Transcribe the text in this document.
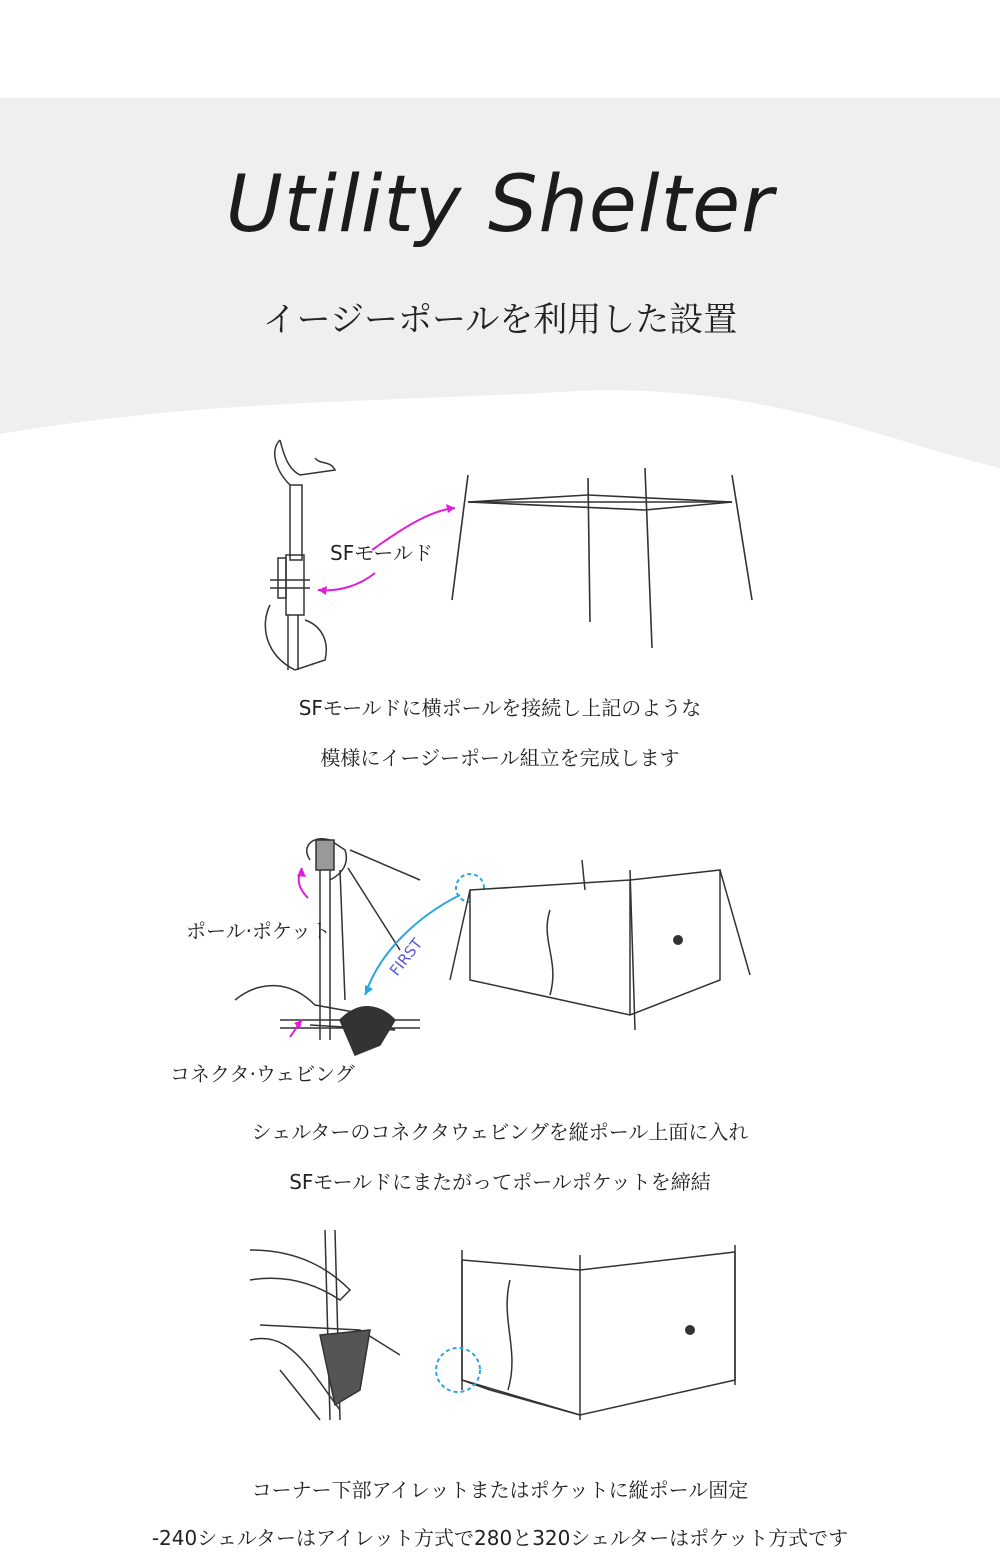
Utility Shelter
イージーポールを利用した設置
SFモールド
SFモールドに横ポールを接続し上記のような
模様にイージーポール組立を完成します
ポール·ポケット
コネクタ·ウェビング
FIRST
シェルターのコネクタウェビングを縦ポール上面に入れ
SFモールドにまたがってポールポケットを締結
コーナー下部アイレットまたはポケットに縦ポール固定
-240シェルターはアイレット方式で280と320シェルターはポケット方式です
